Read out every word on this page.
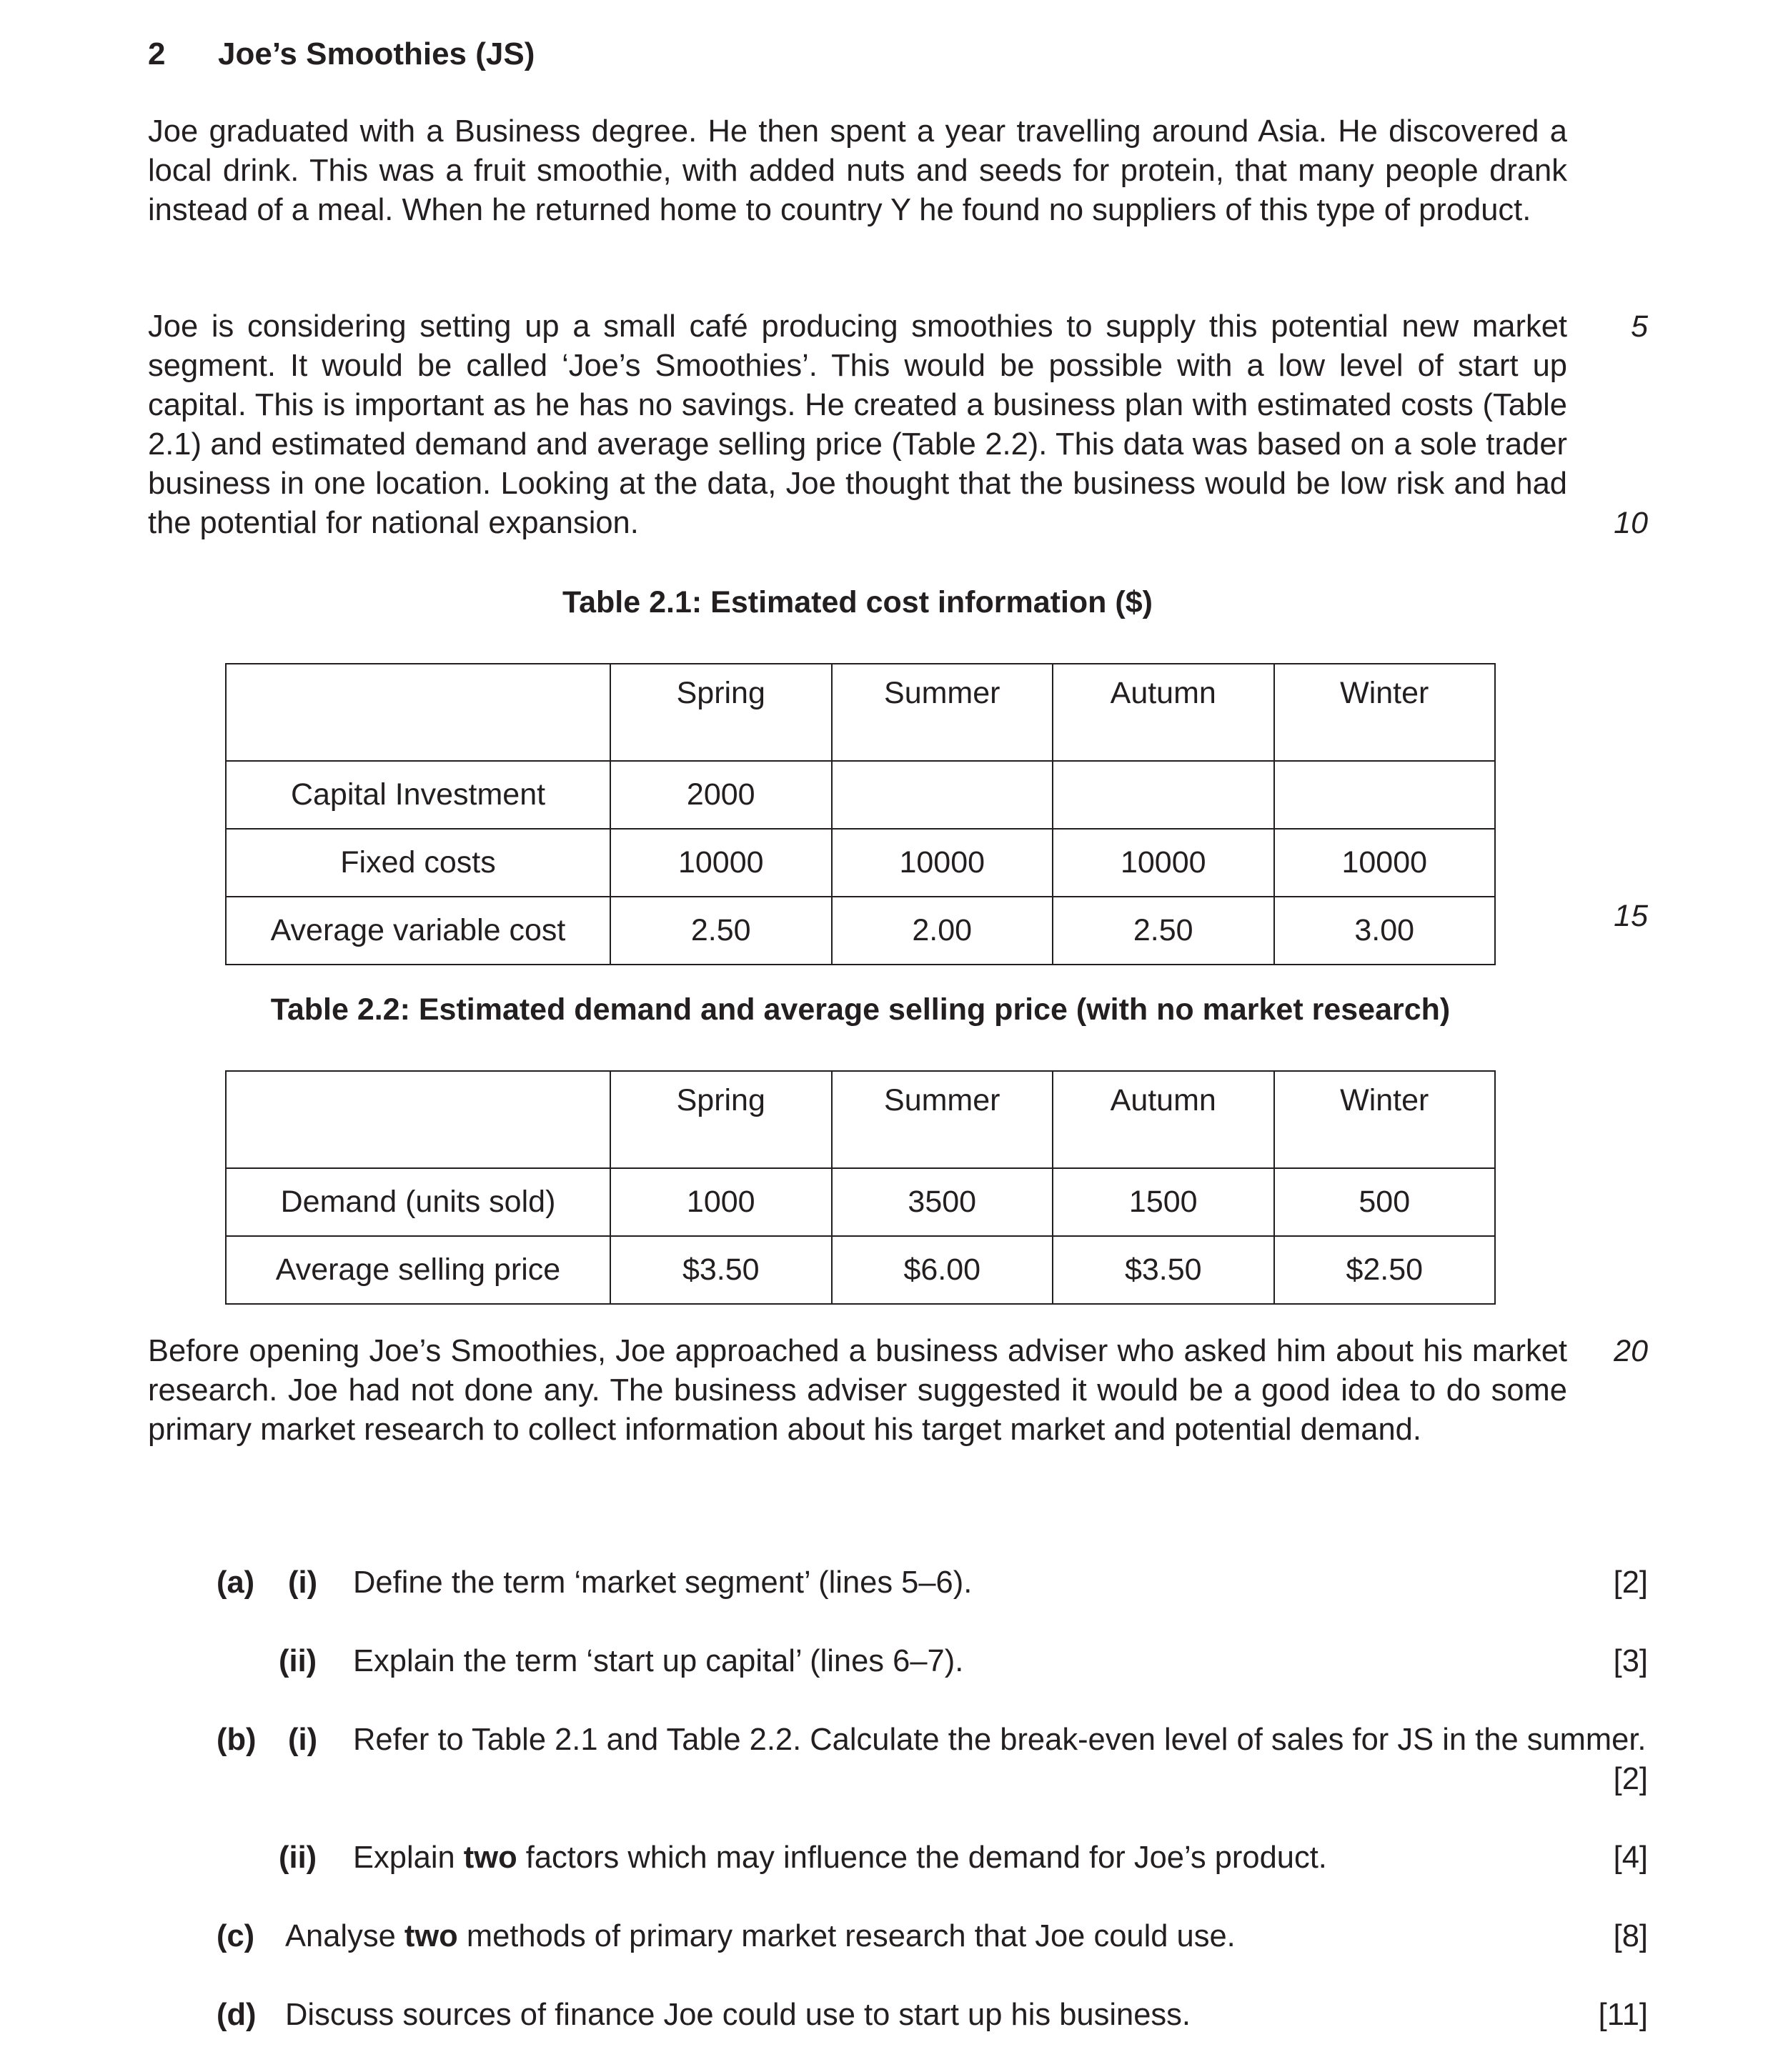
2 Joe’s Smoothies (JS)

Joe graduated with a Business degree. He then spent a year travelling around Asia. He discovered a local drink. This was a fruit smoothie, with added nuts and seeds for protein, that many people drank instead of a meal. When he returned home to country Y he found no suppliers of this type of product.

Joe is considering setting up a small café producing smoothies to supply this potential new market segment. It would be called ‘Joe’s Smoothies’. This would be possible with a low level of start up capital. This is important as he has no savings. He created a business plan with estimated costs (Table 2.1) and estimated demand and average selling price (Table 2.2). This data was based on a sole trader business in one location. Looking at the data, Joe thought that the business would be low risk and had the potential for national expansion.

5
10
15
20
Table 2.1: Estimated cost information ($)
	Spring	Summer	Autumn	Winter
Capital Investment	2000			
Fixed costs	10000	10000	10000	10000
Average variable cost	2.50	2.00	2.50	3.00
Table 2.2: Estimated demand and average selling price (with no market research)
	Spring	Summer	Autumn	Winter
Demand (units sold)	1000	3500	1500	500
Average selling price	$3.50	$6.00	$3.50	$2.50

Before opening Joe’s Smoothies, Joe approached a business adviser who asked him about his market research. Joe had not done any. The business adviser suggested it would be a good idea to do some primary market research to collect information about his target market and potential demand.

(a) (i) Define the term ‘market segment’ (lines 5–6).	[2]
(ii) Explain the term ‘start up capital’ (lines 6–7).	[3]
(b) (i) Refer to Table 2.1 and Table 2.2. Calculate the break-even level of sales for JS in the summer.
[2]
(ii) Explain two factors which may influence the demand for Joe’s product.	[4]
(c) Analyse two methods of primary market research that Joe could use.	[8]
(d) Discuss sources of finance Joe could use to start up his business.	[11]
